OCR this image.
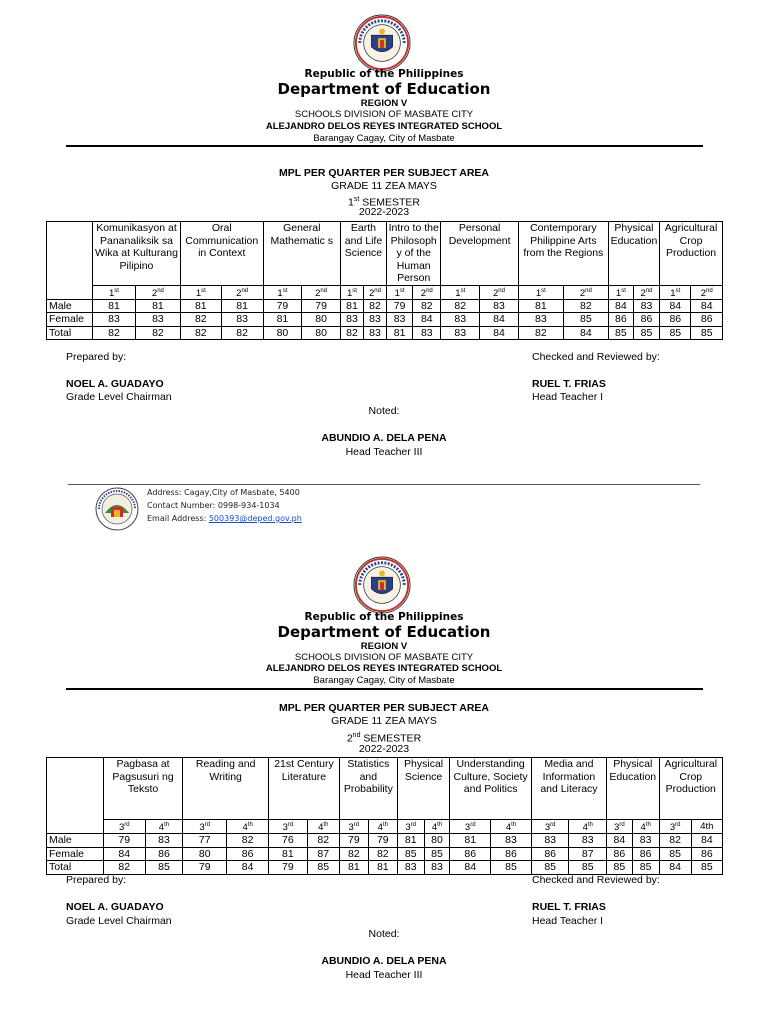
Republic of the Philippines
Department of Education
REGION V
SCHOOLS DIVISION OF MASBATE CITY
ALEJANDRO DELOS REYES INTEGRATED SCHOOL
Barangay Cagay, City of Masbate
MPL PER QUARTER PER SUBJECT AREA
GRADE 11 ZEA MAYS
1st SEMESTER
2022-2023
	Komunikasyon at Pananaliksik sa Wika at Kulturang Pilipino		Oral Communication in Context		General Mathematic s		Earth and Life Science		Intro to the Philosoph y of the Human Person		Personal Development		Contemporary Philippine Arts from the Regions		Physical Education		Agricultural Crop Production	
	1st	2nd	1st	2nd	1st	2nd	1st	2nd	1st	2nd	1st	2nd	1st	2nd	1st	2nd	1st	2nd
Male	81	81	81	81	79	79	81	82	79	82	82	83	81	82	84	83	84	84
Female	83	83	82	83	81	80	83	83	83	84	83	84	83	85	86	86	86	86
Total	82	82	82	82	80	80	82	83	81	83	83	84	82	84	85	85	85	85
Prepared by:
NOEL A. GUADAYO
Grade Level Chairman
Checked and Reviewed by:
RUEL T. FRIAS
Head Teacher I
Noted:
ABUNDIO A. DELA PENA
Head Teacher III
Address: Cagay,City of Masbate, 5400
Contact Number: 0998-934-1034
Email Address: 500393@deped.gov.ph
Republic of the Philippines
Department of Education
REGION V
SCHOOLS DIVISION OF MASBATE CITY
ALEJANDRO DELOS REYES INTEGRATED SCHOOL
Barangay Cagay, City of Masbate
MPL PER QUARTER PER SUBJECT AREA
GRADE 11 ZEA MAYS
2nd SEMESTER
2022-2023
	Pagbasa at Pagsusuri ng Teksto		Reading and Writing		21st Century Literature		Statistics and Probability		Physical Science		Understanding Culture, Society and Politics		Media and Information and Literacy		Physical Education		Agricultural Crop Production	
	3rd	4th	3rd	4th	3rd	4th	3rd	4th	3rd	4th	3rd	4th	3rd	4th	3rd	4th	3rd	4th
Male	79	83	77	82	76	82	79	79	81	80	81	83	83	83	84	83	82	84
Female	84	86	80	86	81	87	82	82	85	85	86	86	86	87	86	86	85	86
Total	82	85	79	84	79	85	81	81	83	83	84	85	85	85	85	85	84	85
Prepared by:
NOEL A. GUADAYO
Grade Level Chairman
Checked and Reviewed by:
RUEL T. FRIAS
Head Teacher I
Noted:
ABUNDIO A. DELA PENA
Head Teacher III
